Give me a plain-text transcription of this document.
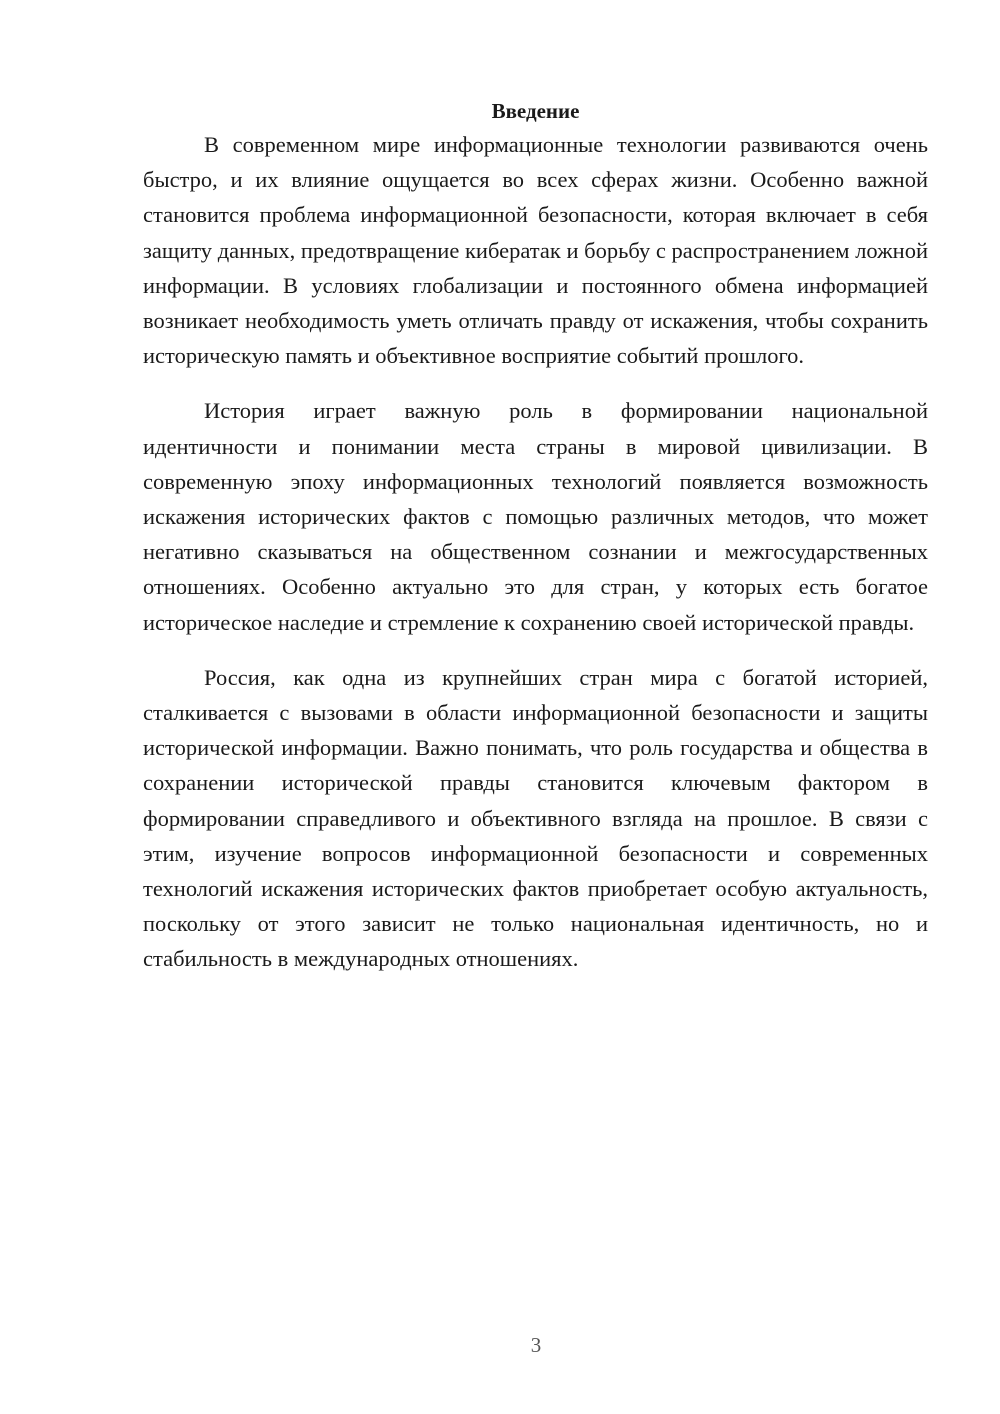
Введение

В современном мире информационные технологии развиваются очень быстро, и их влияние ощущается во всех сферах жизни. Особенно важной становится проблема информационной безопасности, которая включает в себя защиту данных, предотвращение кибератак и борьбу с распространением ложной информации. В условиях глобализации и постоянного обмена информацией возникает необходимость уметь отличать правду от искажения, чтобы сохранить историческую память и объективное восприятие событий прошлого.

История играет важную роль в формировании национальной идентичности и понимании места страны в мировой цивилизации. В современную эпоху информационных технологий появляется возможность искажения исторических фактов с помощью различных методов, что может негативно сказываться на общественном сознании и межгосударственных отношениях. Особенно актуально это для стран, у которых есть богатое историческое наследие и стремление к сохранению своей исторической правды.

Россия, как одна из крупнейших стран мира с богатой историей, сталкивается с вызовами в области информационной безопасности и защиты исторической информации. Важно понимать, что роль государства и общества в сохранении исторической правды становится ключевым фактором в формировании справедливого и объективного взгляда на прошлое. В связи с этим, изучение вопросов информационной безопасности и современных технологий искажения исторических фактов приобретает особую актуальность, поскольку от этого зависит не только национальная идентичность, но и стабильность в международных отношениях.

3
